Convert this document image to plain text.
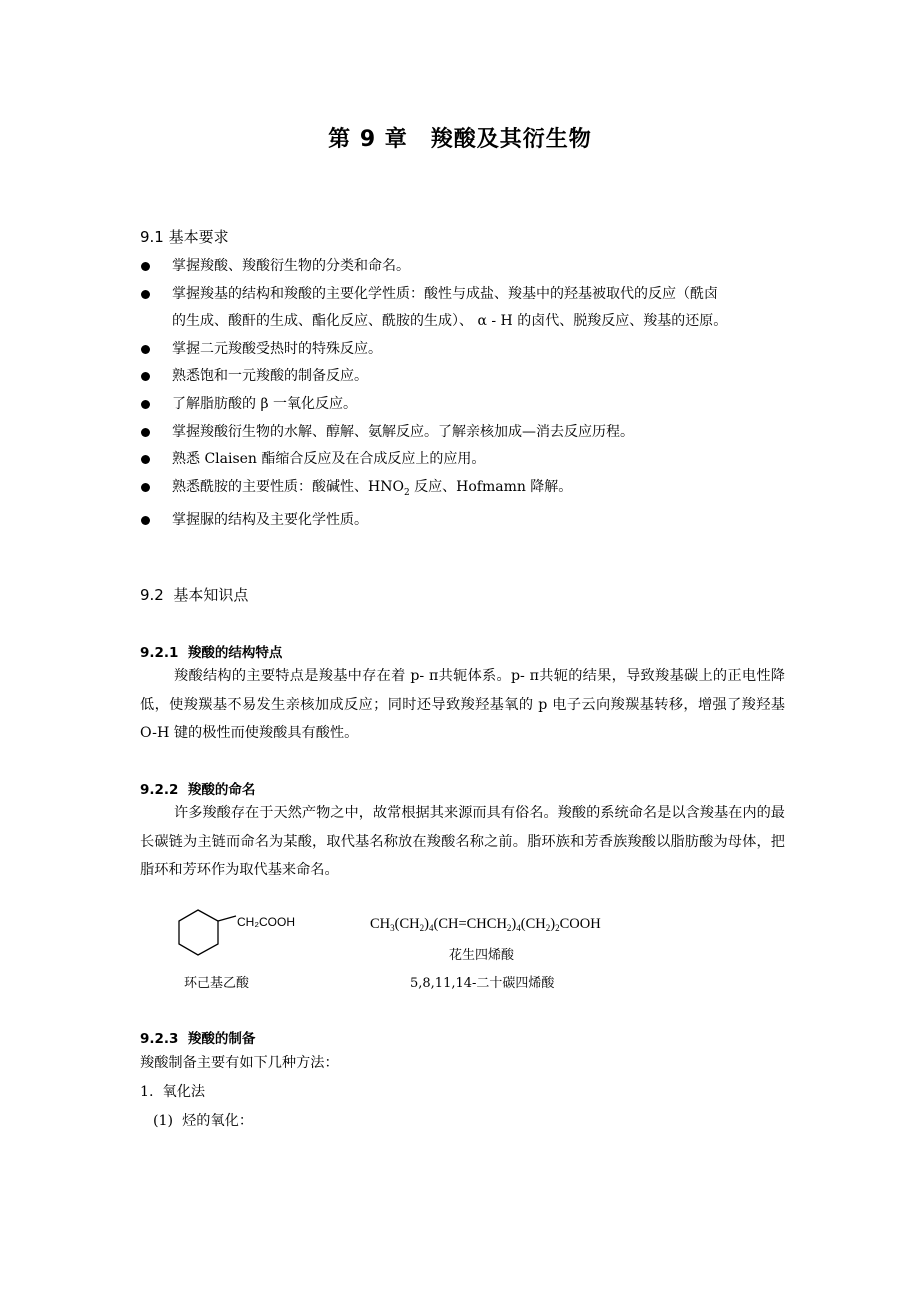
第 9 章　羧酸及其衍生物
9.1 基本要求
掌握羧酸、羧酸衍生物的分类和命名。
掌握羧基的结构和羧酸的主要化学性质：酸性与成盐、羧基中的羟基被取代的反应（酰卤
的生成、酸酐的生成、酯化反应、酰胺的生成）、 α - H 的卤代、脱羧反应、羧基的还原。
掌握二元羧酸受热时的特殊反应。
熟悉饱和一元羧酸的制备反应。
了解脂肪酸的 β 一氧化反应。
掌握羧酸衍生物的水解、醇解、氨解反应。了解亲核加成—消去反应历程。
熟悉 Claisen 酯缩合反应及在合成反应上的应用。
熟悉酰胺的主要性质：酸碱性、$HNO_2$ 反应、Hofmamn 降解。
掌握脲的结构及主要化学性质。
9.2  基本知识点
9.2.1  羧酸的结构特点
羧酸结构的主要特点是羧基中存在着 p- π共轭体系。p- π共轭的结果，导致羧基碳上的正电性降低，使羧羰基不易发生亲核加成反应；同时还导致羧羟基氧的 p 电子云向羧羰基转移，增强了羧羟基 O-H 键的极性而使羧酸具有酸性。
9.2.2  羧酸的命名
许多羧酸存在于天然产物之中，故常根据其来源而具有俗名。羧酸的系统命名是以含羧基在内的最长碳链为主链而命名为某酸，取代基名称放在羧酸名称之前。脂环族和芳香族羧酸以脂肪酸为母体，把脂环和芳环作为取代基来命名。
CH₂COOH
环己基乙酸
$CH_3(CH_2)_4(CH=CHCH_2)_4(CH_2)_2COOH$
花生四烯酸
5,8,11,14-二十碳四烯酸
9.2.3  羧酸的制备
羧酸制备主要有如下几种方法：
1.  氧化法
(1)  烃的氧化：
